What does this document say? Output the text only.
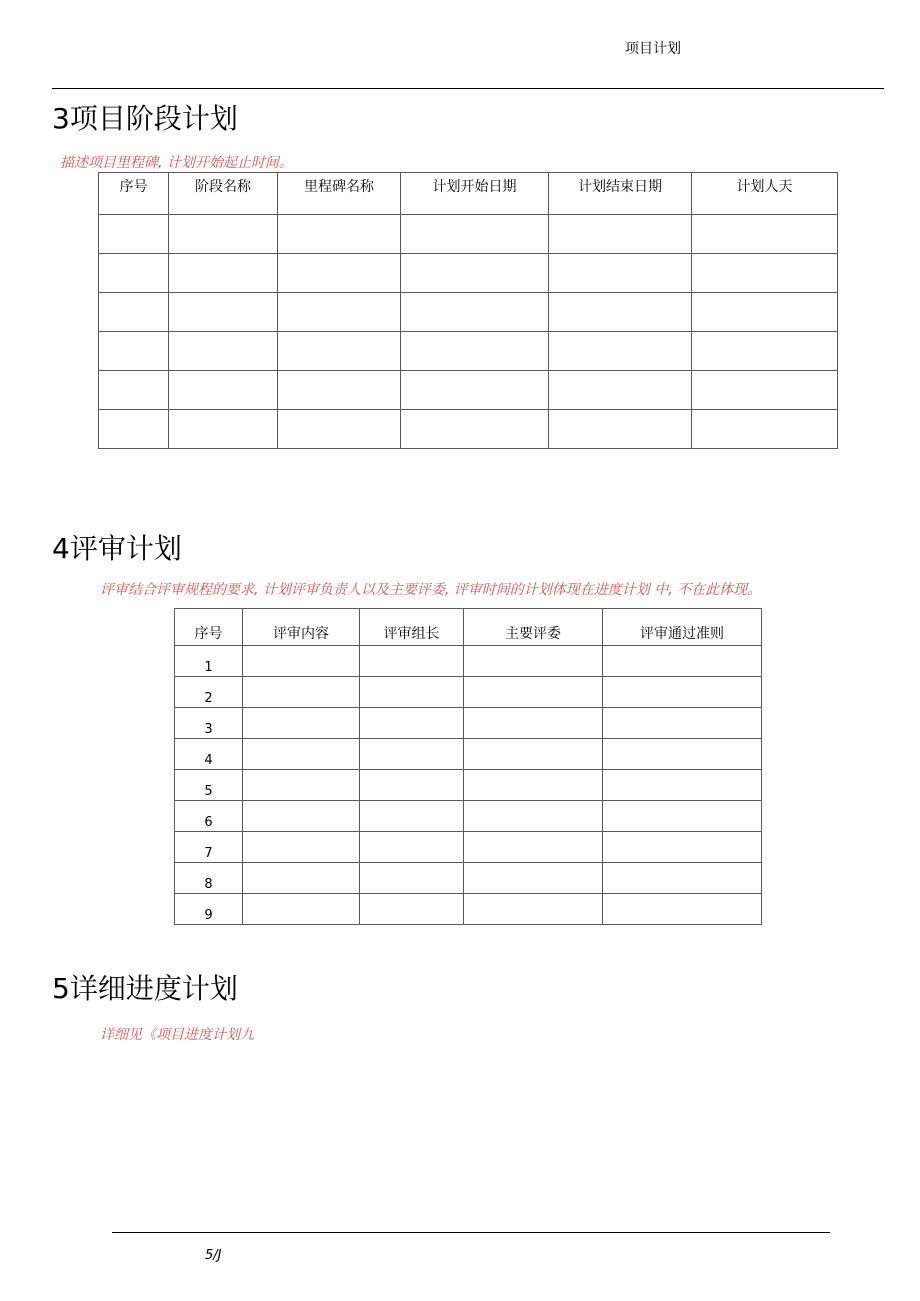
项目计划
3项目阶段计划
描述项目里程碑, 计划开始起止时间。
序号	阶段名称	里程碑名称	计划开始日期	计划结束日期	计划人天

4评审计划
评审结合评审规程的要求, 计划评审负责人以及主要评委, 评审时间的计划体现在进度计划 中, 不在此体现。
序号	评审内容	评审组长	主要评委	评审通过准则
1				
2				
3				
4				
5				
6				
7				
8				
9				
5详细进度计划
详细见《项目进度计划九
5/J
